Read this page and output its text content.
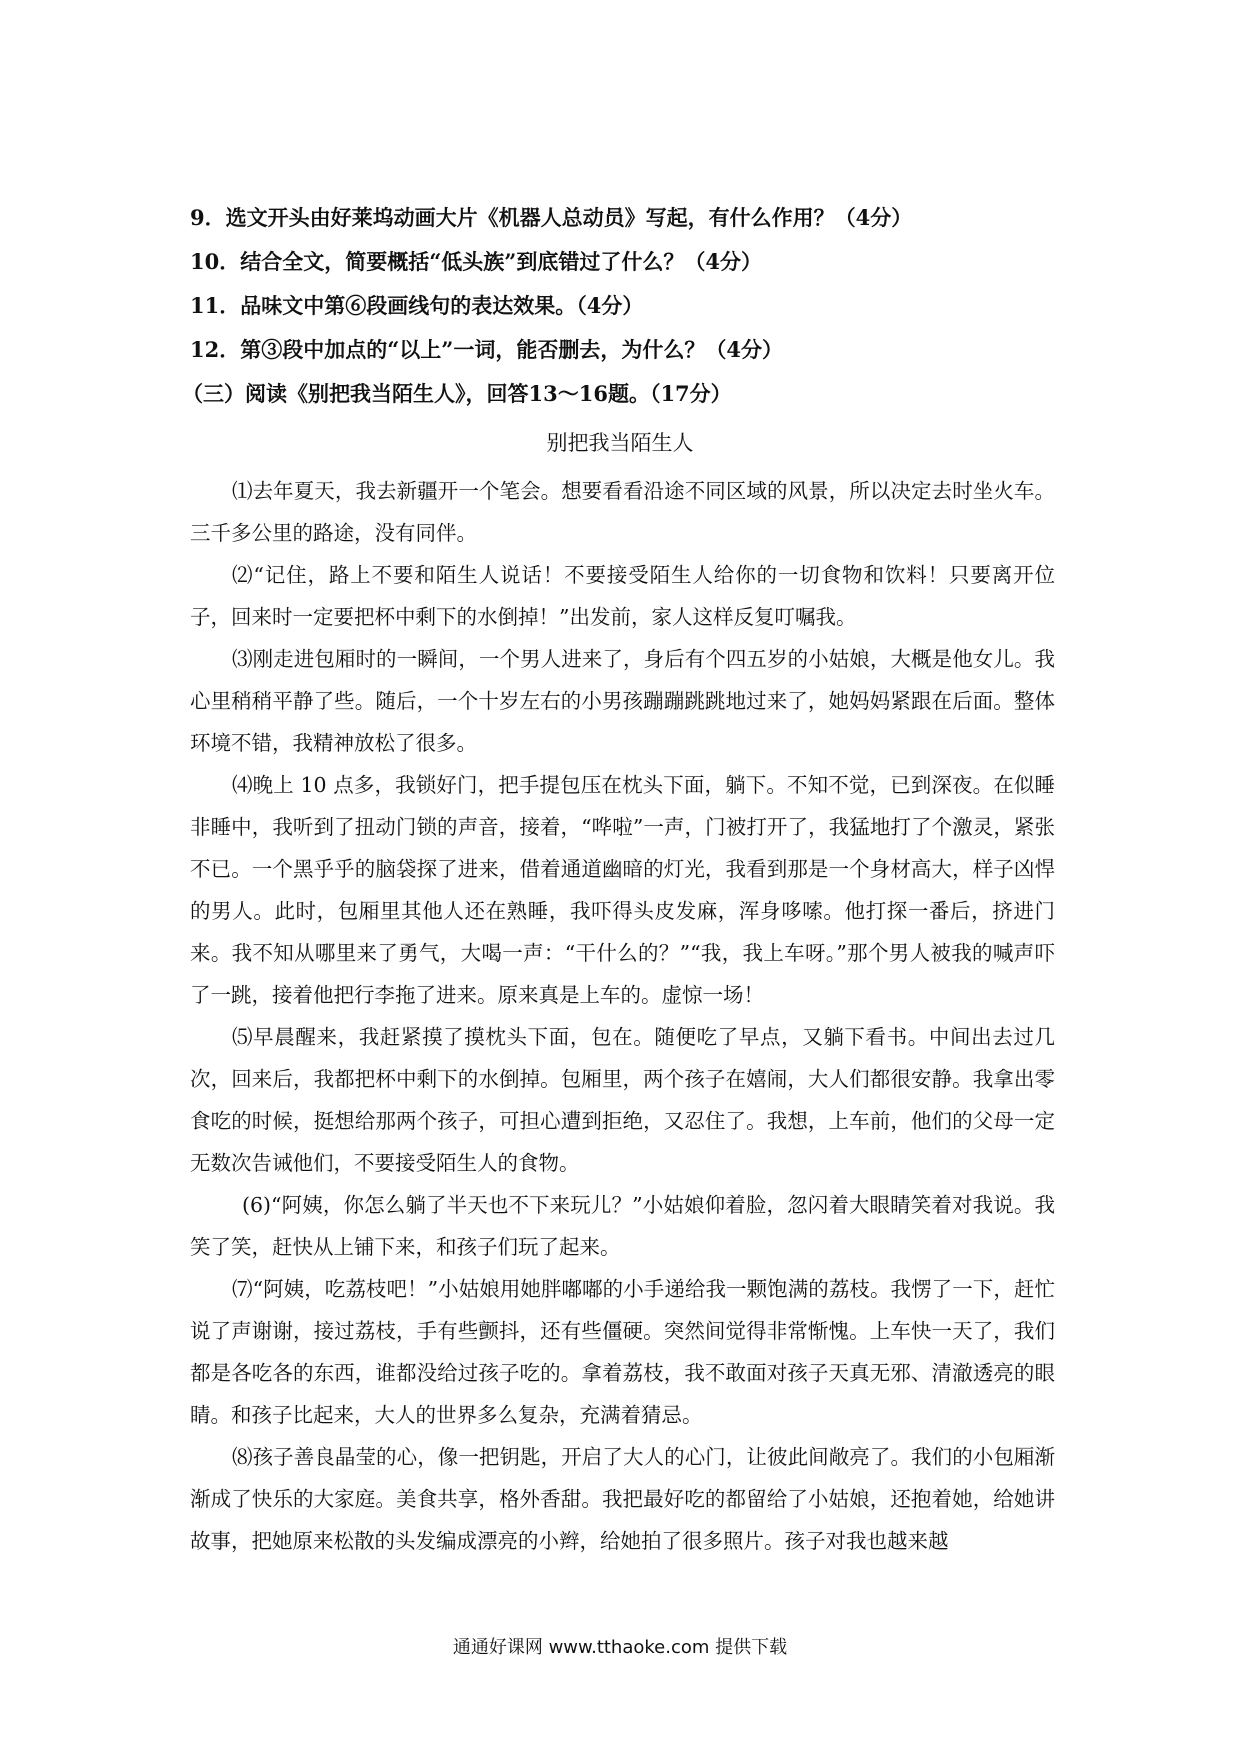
9．选文开头由好莱坞动画大片《机器人总动员》写起，有什么作用？（4分）
10．结合全文，简要概括“低头族”到底错过了什么？（4分）
11．品味文中第⑥段画线句的表达效果。（4分）
12．第③段中加点的“以上”一词，能否删去，为什么？（4分）
（三）阅读《别把我当陌生人》，回答13～16题。（17分）
别把我当陌生人

⑴去年夏天，我去新疆开一个笔会。想要看看沿途不同区域的风景，所以决定去时坐火车。三千多公里的路途，没有同伴。

⑵“记住，路上不要和陌生人说话！不要接受陌生人给你的一切食物和饮料！只要离开位子，回来时一定要把杯中剩下的水倒掉！”出发前，家人这样反复叮嘱我。

⑶刚走进包厢时的一瞬间，一个男人进来了，身后有个四五岁的小姑娘，大概是他女儿。我心里稍稍平静了些。随后，一个十岁左右的小男孩蹦蹦跳跳地过来了，她妈妈紧跟在后面。整体环境不错，我精神放松了很多。

⑷晚上 10 点多，我锁好门，把手提包压在枕头下面，躺下。不知不觉，已到深夜。在似睡非睡中，我听到了扭动门锁的声音，接着，“哗啦”一声，门被打开了，我猛地打了个激灵，紧张不已。一个黑乎乎的脑袋探了进来，借着通道幽暗的灯光，我看到那是一个身材高大，样子凶悍的男人。此时，包厢里其他人还在熟睡，我吓得头皮发麻，浑身哆嗦。他打探一番后，挤进门来。我不知从哪里来了勇气，大喝一声：“干什么的？”“我，我上车呀。”那个男人被我的喊声吓了一跳，接着他把行李拖了进来。原来真是上车的。虚惊一场！

⑸早晨醒来，我赶紧摸了摸枕头下面，包在。随便吃了早点，又躺下看书。中间出去过几次，回来后，我都把杯中剩下的水倒掉。包厢里，两个孩子在嬉闹，大人们都很安静。我拿出零食吃的时候，挺想给那两个孩子，可担心遭到拒绝，又忍住了。我想，上车前，他们的父母一定无数次告诫他们，不要接受陌生人的食物。

(6)“阿姨，你怎么躺了半天也不下来玩儿？”小姑娘仰着脸，忽闪着大眼睛笑着对我说。我笑了笑，赶快从上铺下来，和孩子们玩了起来。

⑺“阿姨，吃荔枝吧！”小姑娘用她胖嘟嘟的小手递给我一颗饱满的荔枝。我愣了一下，赶忙说了声谢谢，接过荔枝，手有些颤抖，还有些僵硬。突然间觉得非常惭愧。上车快一天了，我们都是各吃各的东西，谁都没给过孩子吃的。拿着荔枝，我不敢面对孩子天真无邪、清澈透亮的眼睛。和孩子比起来，大人的世界多么复杂，充满着猜忌。

⑻孩子善良晶莹的心，像一把钥匙，开启了大人的心门，让彼此间敞亮了。我们的小包厢渐渐成了快乐的大家庭。美食共享，格外香甜。我把最好吃的都留给了小姑娘，还抱着她，给她讲故事，把她原来松散的头发编成漂亮的小辫，给她拍了很多照片。孩子对我也越来越

通通好课网 www.tthaoke.com 提供下载
